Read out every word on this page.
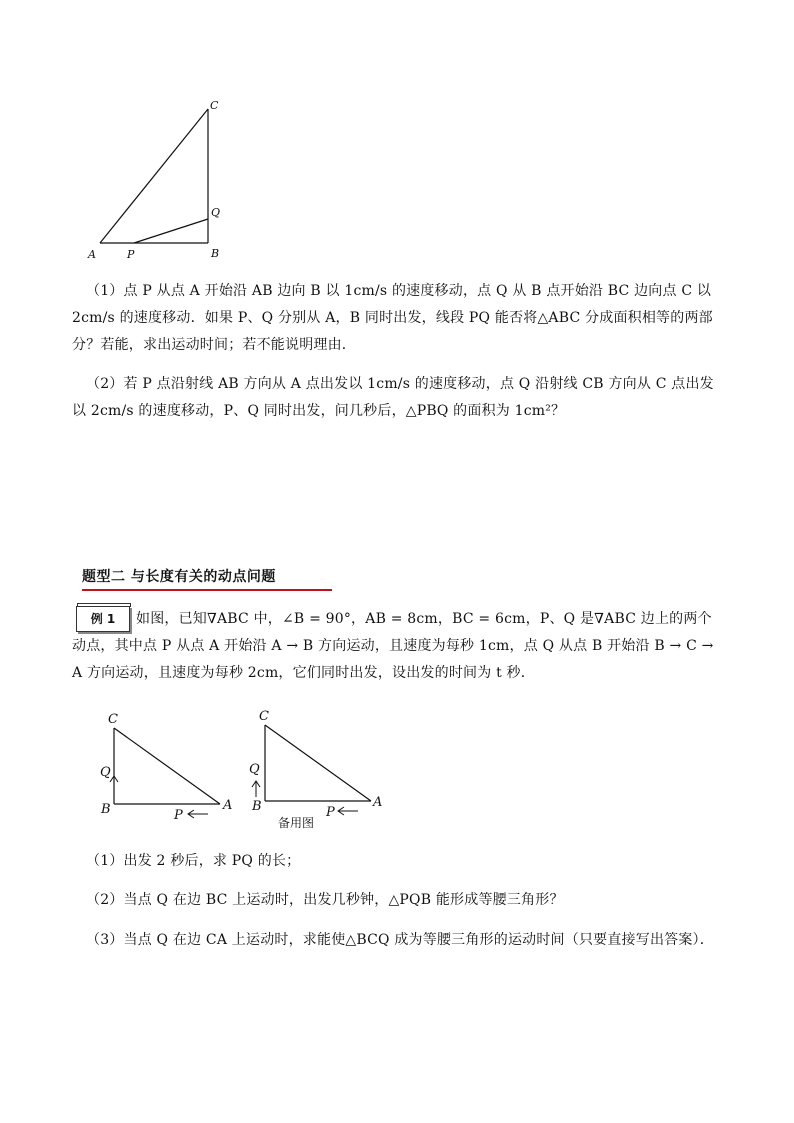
A	P	B
C
Q
（1）点 P 从点 A 开始沿 AB 边向 B 以 1cm/s 的速度移动，点 Q 从 B 点开始沿 BC 边向点 C 以 2cm/s 的速度移动．如果 P、Q 分别从 A，B 同时出发，线段 PQ 能否将△ABC 分成面积相等的两部分？若能，求出运动时间；若不能说明理由．
（2）若 P 点沿射线 AB 方向从 A 点出发以 1cm/s 的速度移动，点 Q 沿射线 CB 方向从 C 点出发以 2cm/s 的速度移动，P、Q 同时出发，问几秒后，△PBQ 的面积为 1cm²？
题型二 与长度有关的动点问题
例 1	如图，已知∇ABC 中，∠B = 90°，AB = 8cm，BC = 6cm，P、Q 是∇ABC 边上的两个动点，其中点 P 从点 A 开始沿 A → B 方向运动，且速度为每秒 1cm，点 Q 从点 B 开始沿 B → C → A 方向运动，且速度为每秒 2cm，它们同时出发，设出发的时间为 t 秒．
C
Q
B	P
A
C
Q
B	P
A
备用图
（1）出发 2 秒后，求 PQ 的长；
（2）当点 Q 在边 BC 上运动时，出发几秒钟，△PQB 能形成等腰三角形？
（3）当点 Q 在边 CA 上运动时，求能使△BCQ 成为等腰三角形的运动时间（只要直接写出答案）．
